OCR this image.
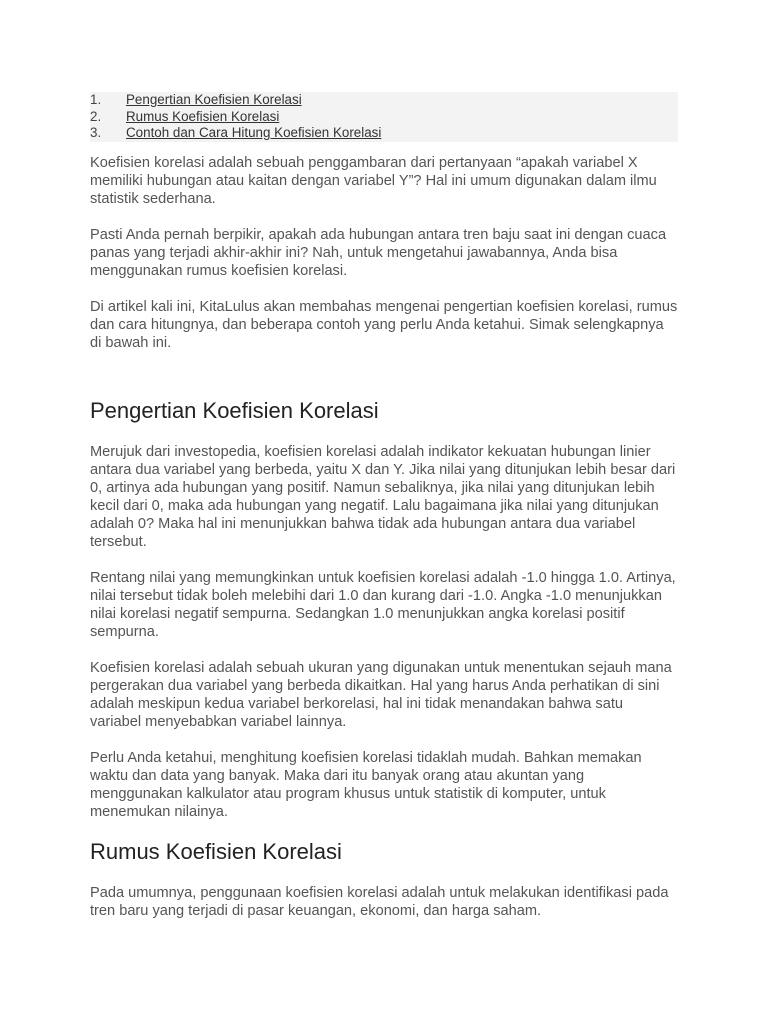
1.	Pengertian Koefisien Korelasi
2.	Rumus Koefisien Korelasi
3.	Contoh dan Cara Hitung Koefisien Korelasi

Koefisien korelasi adalah sebuah penggambaran dari pertanyaan “apakah variabel X memiliki hubungan atau kaitan dengan variabel Y”? Hal ini umum digunakan dalam ilmu statistik sederhana.

Pasti Anda pernah berpikir, apakah ada hubungan antara tren baju saat ini dengan cuaca panas yang terjadi akhir-akhir ini? Nah, untuk mengetahui jawabannya, Anda bisa menggunakan rumus koefisien korelasi.

Di artikel kali ini, KitaLulus akan membahas mengenai pengertian koefisien korelasi, rumus dan cara hitungnya, dan beberapa contoh yang perlu Anda ketahui. Simak selengkapnya di bawah ini.

Pengertian Koefisien Korelasi

Merujuk dari investopedia, koefisien korelasi adalah indikator kekuatan hubungan linier antara dua variabel yang berbeda, yaitu X dan Y. Jika nilai yang ditunjukan lebih besar dari 0, artinya ada hubungan yang positif. Namun sebaliknya, jika nilai yang ditunjukan lebih kecil dari 0, maka ada hubungan yang negatif. Lalu bagaimana jika nilai yang ditunjukan adalah 0? Maka hal ini menunjukkan bahwa tidak ada hubungan antara dua variabel tersebut.

Rentang nilai yang memungkinkan untuk koefisien korelasi adalah -1.0 hingga 1.0. Artinya, nilai tersebut tidak boleh melebihi dari 1.0 dan kurang dari -1.0. Angka -1.0 menunjukkan nilai korelasi negatif sempurna. Sedangkan 1.0 menunjukkan angka korelasi positif sempurna.

Koefisien korelasi adalah sebuah ukuran yang digunakan untuk menentukan sejauh mana pergerakan dua variabel yang berbeda dikaitkan. Hal yang harus Anda perhatikan di sini adalah meskipun kedua variabel berkorelasi, hal ini tidak menandakan bahwa satu variabel menyebabkan variabel lainnya.

Perlu Anda ketahui, menghitung koefisien korelasi tidaklah mudah. Bahkan memakan waktu dan data yang banyak. Maka dari itu banyak orang atau akuntan yang menggunakan kalkulator atau program khusus untuk statistik di komputer, untuk menemukan nilainya.

Rumus Koefisien Korelasi

Pada umumnya, penggunaan koefisien korelasi adalah untuk melakukan identifikasi pada tren baru yang terjadi di pasar keuangan, ekonomi, dan harga saham.
